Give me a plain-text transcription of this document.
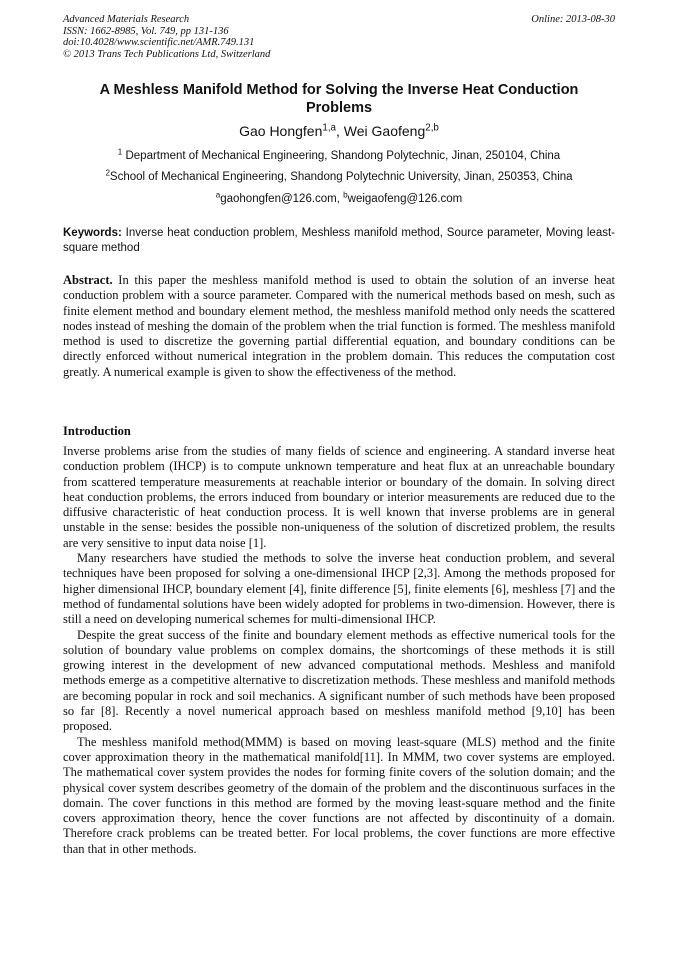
Advanced Materials Research
ISSN: 1662-8985, Vol. 749, pp 131-136
doi:10.4028/www.scientific.net/AMR.749.131
© 2013 Trans Tech Publications Ltd, Switzerland
Online: 2013-08-30
A Meshless Manifold Method for Solving the Inverse Heat Conduction Problems
Gao Hongfen$^{1,a}$, Wei Gaofeng$^{2,b}$
$^1$ Department of Mechanical Engineering, Shandong Polytechnic, Jinan, 250104, China
$^2$School of Mechanical Engineering, Shandong Polytechnic University, Jinan, 250353, China
$^a$gaohongfen@126.com, $^b$weigaofeng@126.com
Keywords: Inverse heat conduction problem, Meshless manifold method, Source parameter, Moving least-square method
Abstract. In this paper the meshless manifold method is used to obtain the solution of an inverse heat conduction problem with a source parameter. Compared with the numerical methods based on mesh, such as finite element method and boundary element method, the meshless manifold method only needs the scattered nodes instead of meshing the domain of the problem when the trial function is formed. The meshless manifold method is used to discretize the governing partial differential equation, and boundary conditions can be directly enforced without numerical integration in the problem domain. This reduces the computation cost greatly. A numerical example is given to show the effectiveness of the method.
Introduction

Inverse problems arise from the studies of many fields of science and engineering. A standard inverse heat conduction problem (IHCP) is to compute unknown temperature and heat flux at an unreachable boundary from scattered temperature measurements at reachable interior or boundary of the domain. In solving direct heat conduction problems, the errors induced from boundary or interior measurements are reduced due to the diffusive characteristic of heat conduction process. It is well known that inverse problems are in general unstable in the sense: besides the possible non-uniqueness of the solution of discretized problem, the results are very sensitive to input data noise [1].

Many researchers have studied the methods to solve the inverse heat conduction problem, and several techniques have been proposed for solving a one-dimensional IHCP [2,3]. Among the methods proposed for higher dimensional IHCP, boundary element [4], finite difference [5], finite elements [6], meshless [7] and the method of fundamental solutions have been widely adopted for problems in two-dimension. However, there is still a need on developing numerical schemes for multi-dimensional IHCP.

Despite the great success of the finite and boundary element methods as effective numerical tools for the solution of boundary value problems on complex domains, the shortcomings of these methods it is still growing interest in the development of new advanced computational methods. Meshless and manifold methods emerge as a competitive alternative to discretization methods. These meshless and manifold methods are becoming popular in rock and soil mechanics. A significant number of such methods have been proposed so far [8]. Recently a novel numerical approach based on meshless manifold method [9,10] has been proposed.

The meshless manifold method(MMM) is based on moving least-square (MLS) method and the finite cover approximation theory in the mathematical manifold[11]. In MMM, two cover systems are employed. The mathematical cover system provides the nodes for forming finite covers of the solution domain; and the physical cover system describes geometry of the domain of the problem and the discontinuous surfaces in the domain. The cover functions in this method are formed by the moving least-square method and the finite covers approximation theory, hence the cover functions are not affected by discontinuity of a domain. Therefore crack problems can be treated better. For local problems, the cover functions are more effective than that in other methods.
